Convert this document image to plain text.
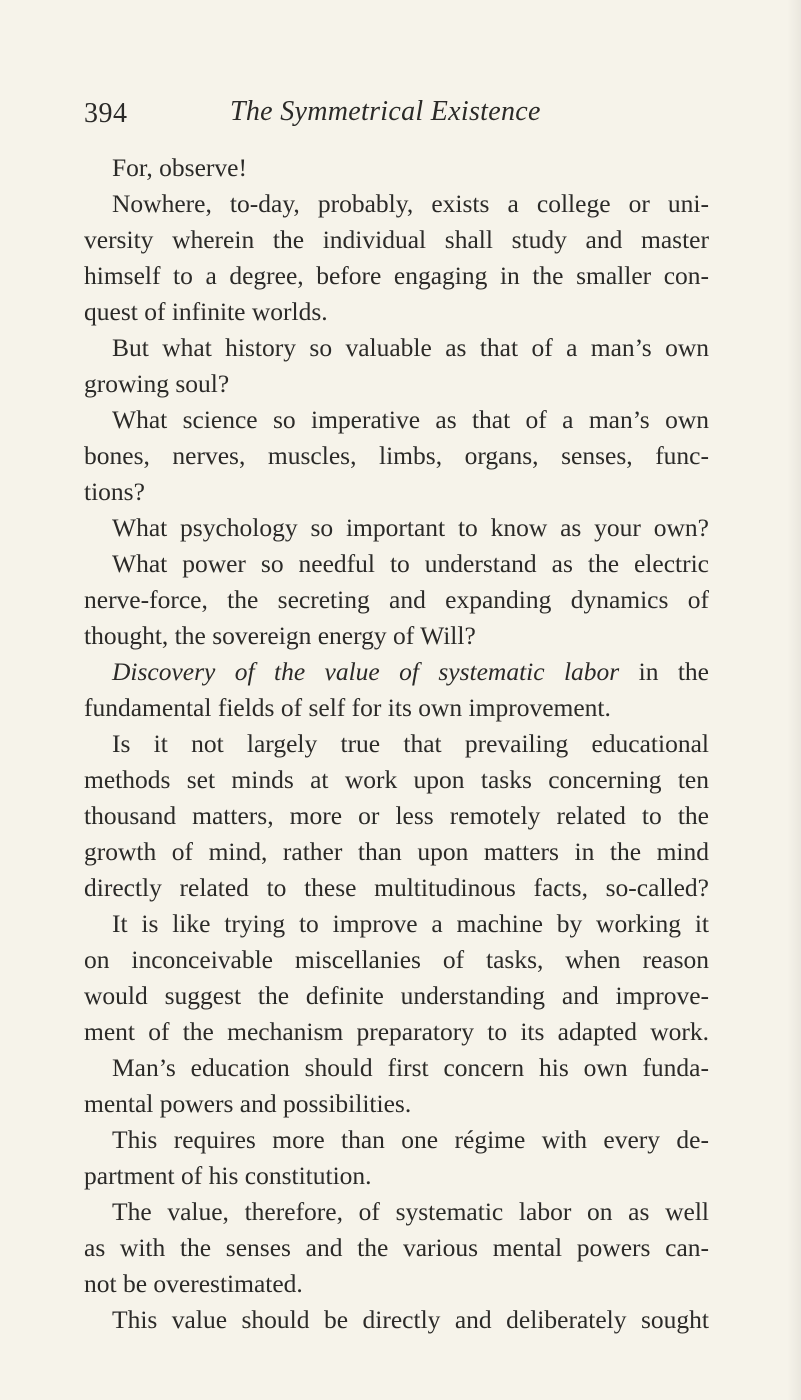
394	The Symmetrical Existence
For, observe!
Nowhere, to-day, probably, exists a college or uni-
versity wherein the individual shall study and master
himself to a degree, before engaging in the smaller con-
quest of infinite worlds.
But what history so valuable as that of a man’s own
growing soul?
What science so imperative as that of a man’s own
bones, nerves, muscles, limbs, organs, senses, func-
tions?
What psychology so important to know as your own?
What power so needful to understand as the electric
nerve-force, the secreting and expanding dynamics of
thought, the sovereign energy of Will?
Discovery of the value of systematic labor in the
fundamental fields of self for its own improvement.
Is it not largely true that prevailing educational
methods set minds at work upon tasks concerning ten
thousand matters, more or less remotely related to the
growth of mind, rather than upon matters in the mind
directly related to these multitudinous facts, so-called?
It is like trying to improve a machine by working it
on inconceivable miscellanies of tasks, when reason
would suggest the definite understanding and improve-
ment of the mechanism preparatory to its adapted work.
Man’s education should first concern his own funda-
mental powers and possibilities.
This requires more than one régime with every de-
partment of his constitution.
The value, therefore, of systematic labor on as well
as with the senses and the various mental powers can-
not be overestimated.
This value should be directly and deliberately sought
